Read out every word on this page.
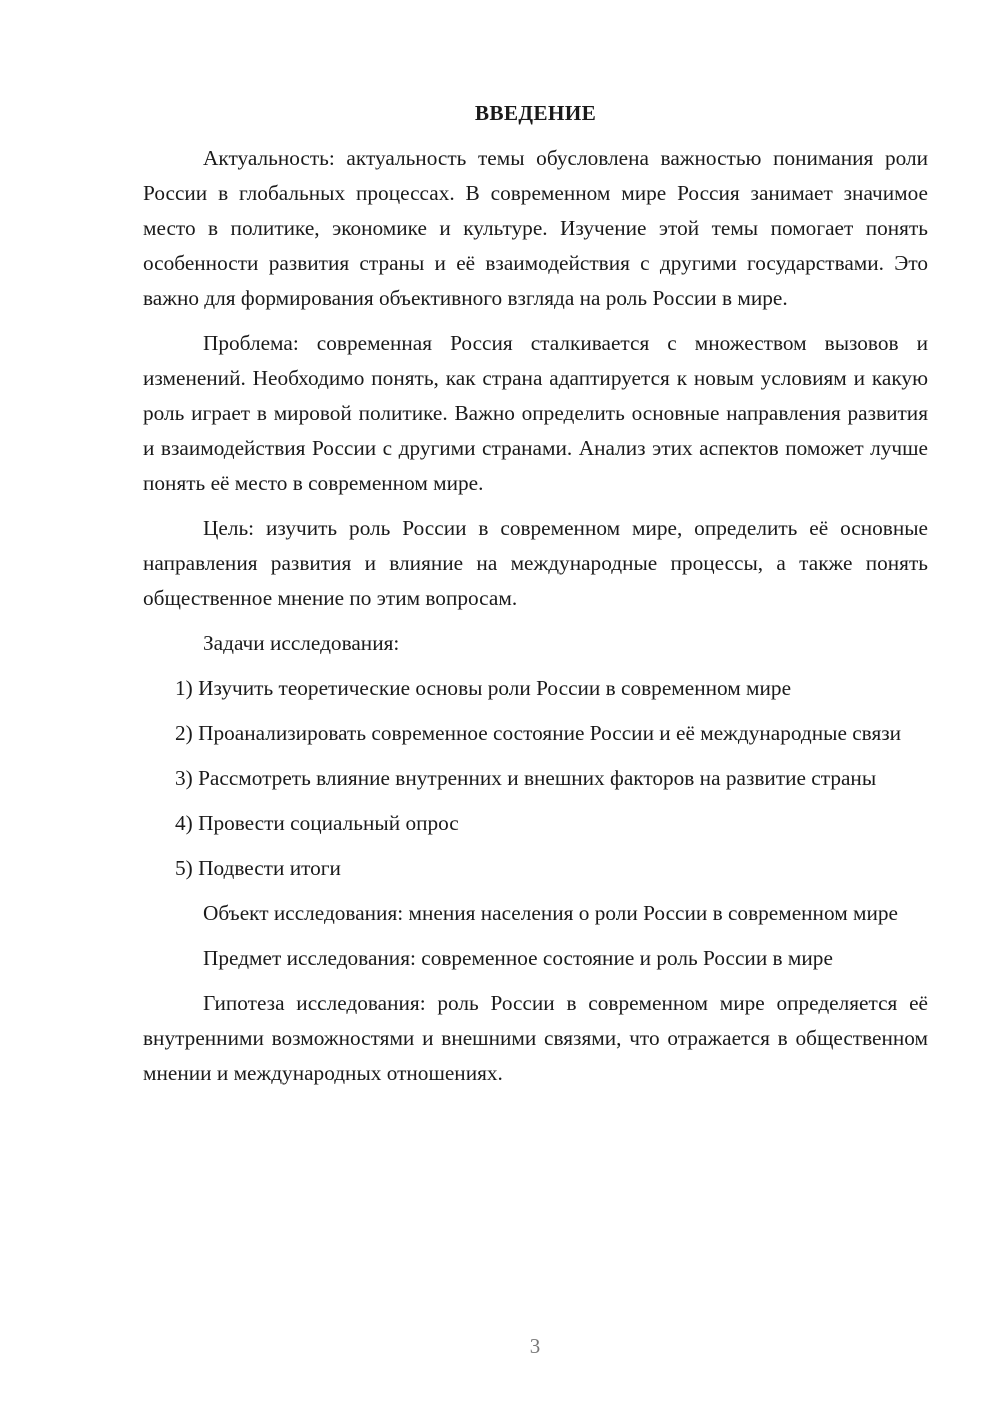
ВВЕДЕНИЕ

Актуальность: актуальность темы обусловлена важностью понимания роли России в глобальных процессах. В современном мире Россия занимает значимое место в политике, экономике и культуре. Изучение этой темы помогает понять особенности развития страны и её взаимодействия с другими государствами. Это важно для формирования объективного взгляда на роль России в мире.

Проблема: современная Россия сталкивается с множеством вызовов и изменений. Необходимо понять, как страна адаптируется к новым условиям и какую роль играет в мировой политике. Важно определить основные направления развития и взаимодействия России с другими странами. Анализ этих аспектов поможет лучше понять её место в современном мире.

Цель: изучить роль России в современном мире, определить её основные направления развития и влияние на международные процессы, а также понять общественное мнение по этим вопросам.

Задачи исследования:

1) Изучить теоретические основы роли России в современном мире

2) Проанализировать современное состояние России и её международные связи

3) Рассмотреть влияние внутренних и внешних факторов на развитие страны

4) Провести социальный опрос

5) Подвести итоги

Объект исследования: мнения населения о роли России в современном мире

Предмет исследования: современное состояние и роль России в мире

Гипотеза исследования: роль России в современном мире определяется её внутренними возможностями и внешними связями, что отражается в общественном мнении и международных отношениях.

3
